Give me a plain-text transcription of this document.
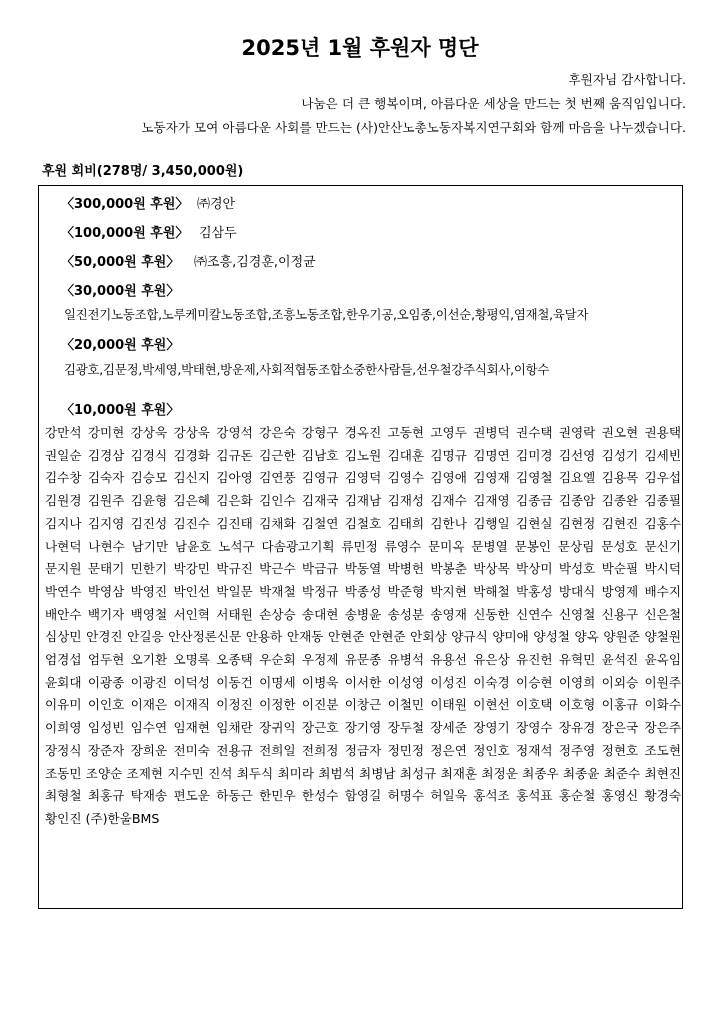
2025년 1월 후원자 명단
후원자님 감사합니다.
나눔은 더 큰 행복이며, 아름다운 세상을 만드는 첫 번째 움직임입니다.
노동자가 모여 아름다운 사회를 만드는 (사)안산노총노동자복지연구회와 함께 마음을 나누겠습니다.
후원 회비(278명/ 3,450,000원)
〈300,000원 후원〉 ㈜경안
〈100,000원 후원〉 김삼두
〈50,000원 후원〉 ㈜조흥,김경훈,이정균
〈30,000원 후원〉
일진전기노동조합,노루케미칼노동조합,조흥노동조합,한우기공,오임종,이선순,황평익,염재철,육달자
〈20,000원 후원〉
김광호,김문정,박세영,박태현,방운제,사회적협동조합소중한사람들,선우철강주식회사,이항수
〈10,000원 후원〉
강만석 강미현 강상욱 강상욱 강영석 강은숙 강형구 경옥진 고동현 고영두 권병덕 권수택 권영락 권오현 권용택 권일순 김경삼 김경식 김경화 김규돈 김근한 김남호 김노원 김대훈 김명규 김명연 김미경 김선영 김성기 김세빈 김수창 김숙자 김승모 김신지 김아영 김연풍 김영규 김영덕 김영수 김영애 김영재 김영철 김요엘 김용목 김우섭 김원경 김원주 김윤형 김은혜 김은화 김인수 김재국 김재남 김재성 김재수 김재영 김종금 김종암 김종완 김종필 김지나 김지영 김진성 김진수 김진태 김채화 김철연 김철호 김태희 김한나 김행일 김현실 김현정 김현진 김홍수 나현덕 나현수 남기만 남윤호 노석구 다솜광고기획 류민정 류영수 문미옥 문병열 문봉인 문상림 문성호 문신기 문지원 문태기 민한기 박강민 박규진 박근수 박금규 박동열 박병헌 박봉춘 박상목 박상미 박성호 박순필 박시덕 박연수 박영삼 박영진 박인선 박일문 박재철 박정규 박종성 박준형 박지현 박해철 박홍성 방대식 방영제 배수지 배안수 백기자 백영철 서인혁 서태원 손상승 송대현 송병윤 송성분 송영재 신동한 신연수 신영철 신용구 신은철 심상민 안경진 안길응 안산정론신문 안용하 안재동 안현준 안현준 안회상 양규식 양미애 양성철 양옥 양원준 양철원 엄경섭 엄두현 오기환 오명록 오종택 우순회 우정제 유문종 유병석 유용선 유은상 유진헌 유혁민 윤석진 윤옥임 윤회대 이광종 이광진 이덕성 이동건 이명세 이병욱 이서한 이성영 이성진 이숙경 이승현 이영희 이외승 이원주 이유미 이인호 이재은 이재직 이정진 이정한 이진분 이창근 이철민 이태원 이현선 이호택 이호형 이홍규 이화수 이희영 임성빈 임수연 임재현 임채란 장귀익 장근호 장기영 장두철 장세준 장영기 장영수 장유경 장은국 장은주 장정식 장준자 장희운 전미숙 전용규 전희일 전희정 정금자 정민정 정은연 정인호 정재석 정주영 정현호 조도현 조동민 조양순 조제현 지수민 진석 최두식 최미라 최범석 최병남 최성규 최재훈 최정운 최종우 최종윤 최준수 최현진 최형철 최홍규 탁재송 편도운 하동근 한민우 한성수 함영길 허명수 허일욱 홍석조 홍석표 홍순철 홍영신 황경숙 황인진 (주)한울BMS
